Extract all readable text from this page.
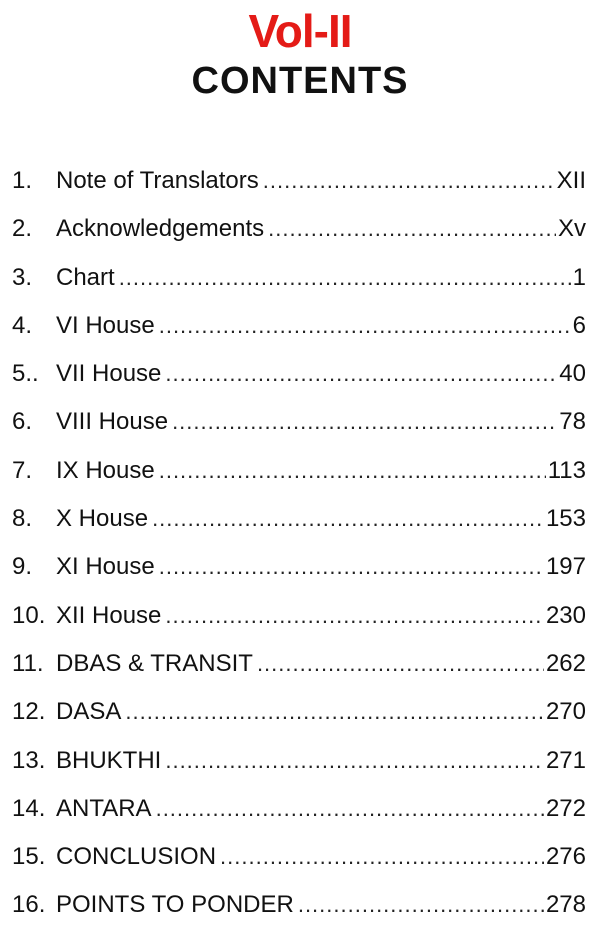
Vol-II
CONTENTS
1. Note of Translators .....	XII
2. Acknowledgements .....	Xv
3. Chart .....	1
4. VI House .....	6
5.. VII House .....	40
6. VIII House .....	78
7. IX House .....	113
8. X House .....	153
9. XI House .....	197
10. XII House .....	230
11. DBAS & TRANSIT .....	262
12. DASA .....	270
13. BHUKTHI .....	271
14. ANTARA .....	272
15. CONCLUSION .....	276
16. POINTS TO PONDER .....	278
